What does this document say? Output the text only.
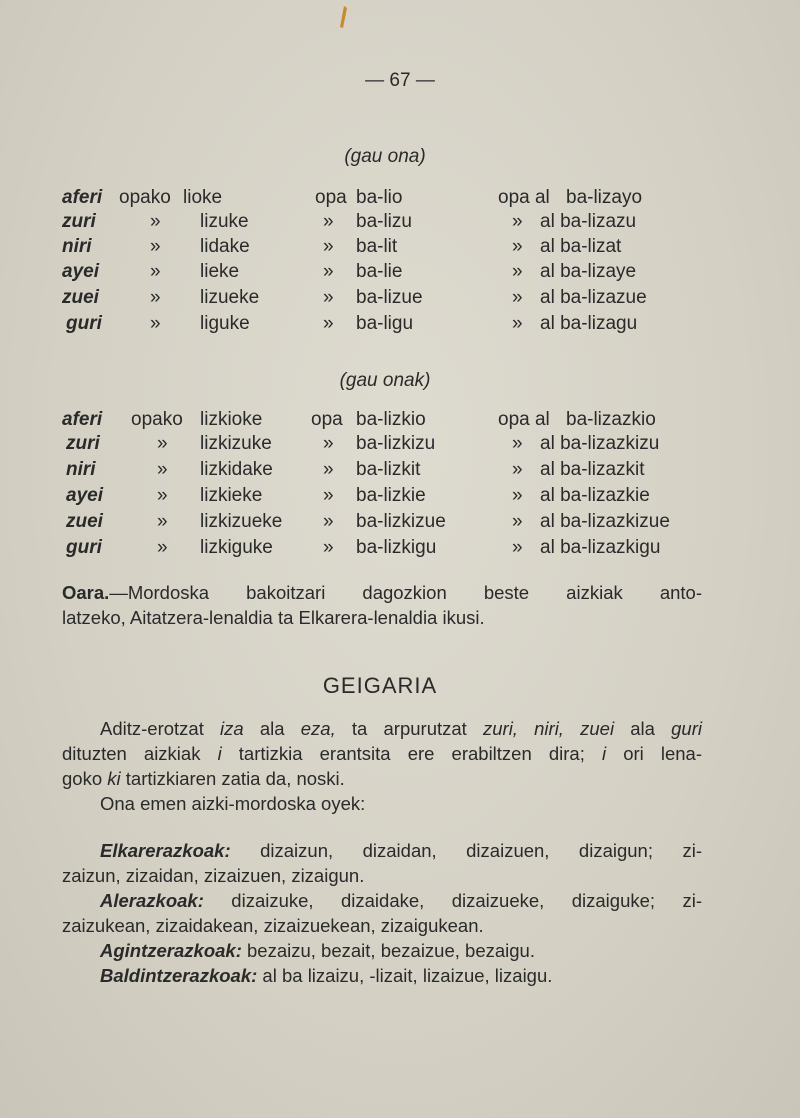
— 67 —
(gau ona)
aferi opako lioke	opa ba-lio	opa al ba-lizayo
zuri	» lizuke	» ba-lizu	» al ba-lizazu
niri	» lidake	» ba-lit	» al ba-lizat
ayei	» lieke	» ba-lie	» al ba-lizaye
zuei	» lizueke	» ba-lizue	» al ba-lizazue
guri	» liguke	» ba-ligu	» al ba-lizagu
(gau onak)
aferi opako lizkioke	opa ba-lizkio	opa al ba-lizazkio
zuri	» lizkizuke	» ba-lizkizu	» al ba-lizazkizu
niri	» lizkidake	» ba-lizkit	» al ba-lizazkit
ayei	» lizkieke	» ba-lizkie	» al ba-lizazkie
zuei	» lizkizueke » ba-lizkizue	» al ba-lizazkizue
guri	» lizkiguke	» ba-lizkigu	» al ba-lizazkigu
Oara.—Mordoska bakoitzari dagozkion beste aizkiak anto-
latzeko, Aitatzera-lenaldia ta Elkarera-lenaldia ikusi.
GEIGARIA
Aditz-erotzat iza ala eza, ta arpurutzat zuri, niri, zuei ala guri
dituzten aizkiak i tartizkia erantsita ere erabiltzen dira; i ori lena-
goko ki tartizkiaren zatia da, noski.
Ona emen aizki-mordoska oyek:
Elkarerazkoak: dizaizun, dizaidan, dizaizuen, dizaigun; zi-
zaizun, zizaidan, zizaizuen, zizaigun.
Alerazkoak: dizaizuke, dizaidake, dizaizueke, dizaiguke; zi-
zaizukean, zizaidakean, zizaizuekean, zizaigukean.
Agintzerazkoak: bezaizu, bezait, bezaizue, bezaigu.
Baldintzerazkoak: al ba lizaizu, -lizait, lizaizue, lizaigu.
